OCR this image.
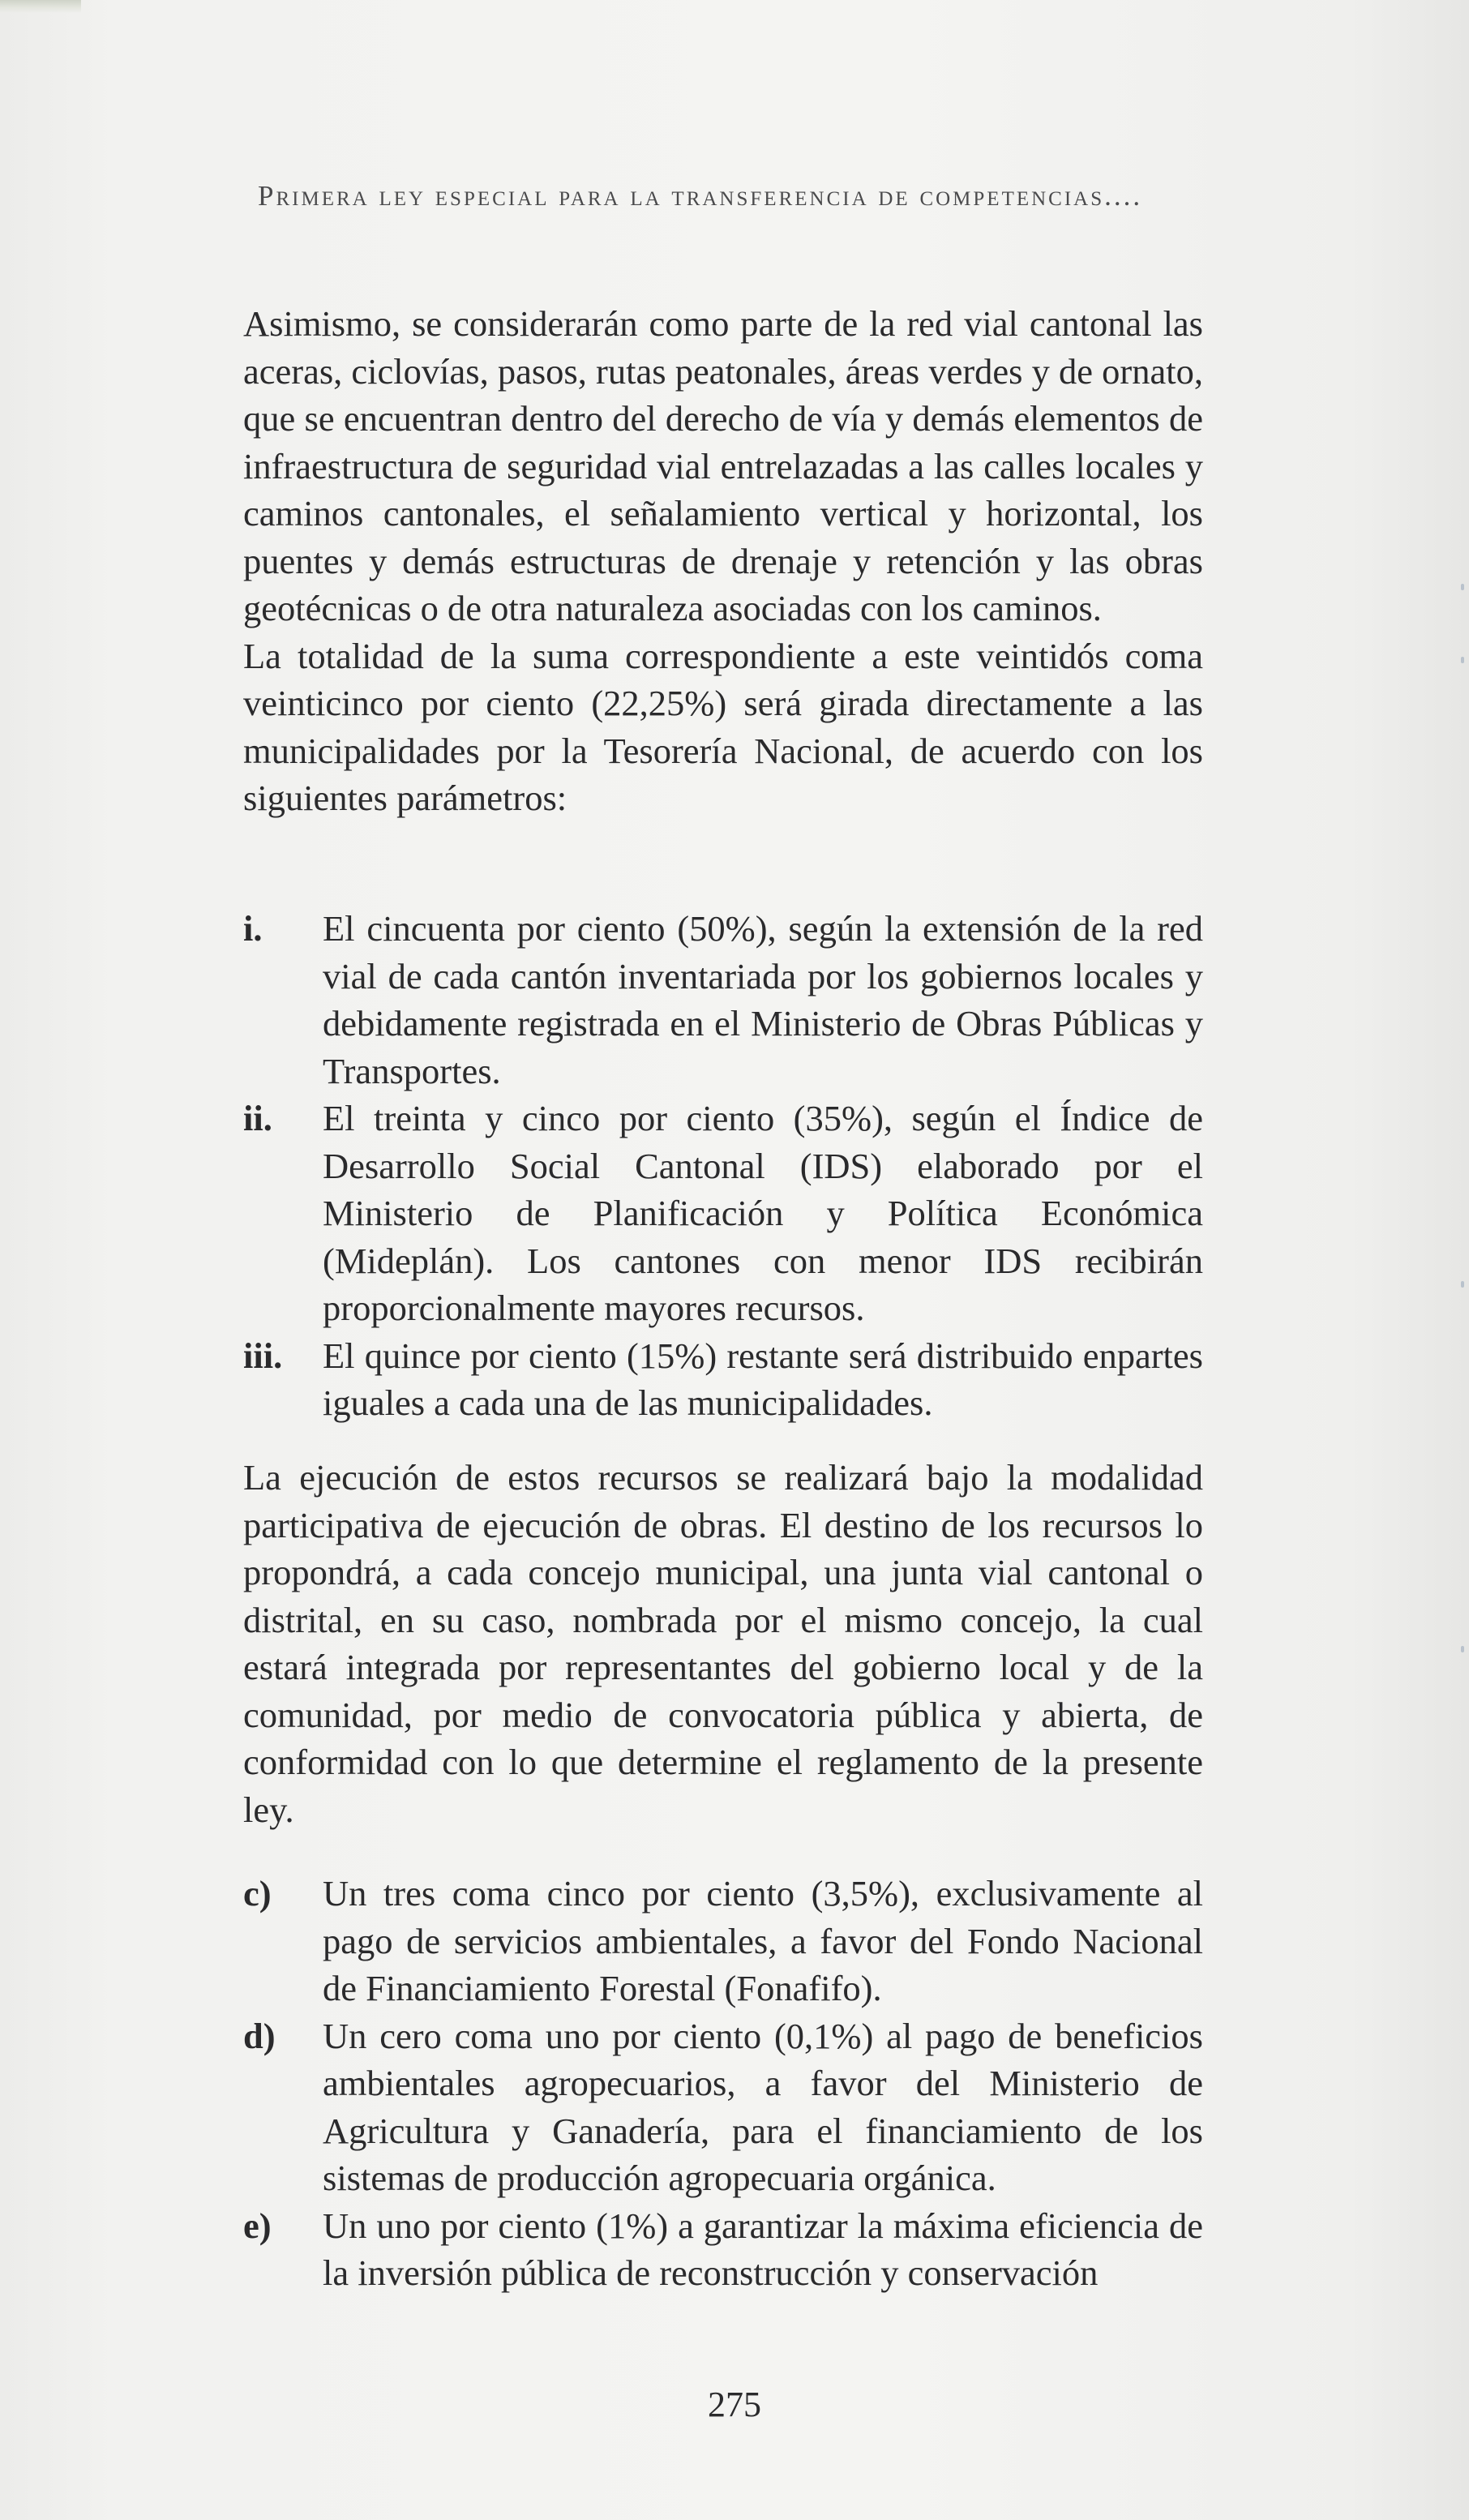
Primera ley especial para la transferencia de competencias....

Asimismo, se considerarán como parte de la red vial cantonal las aceras, ciclovías, pasos, rutas peatonales, áreas verdes y de ornato, que se encuentran dentro del derecho de vía y demás elementos de infraestructura de seguridad vial entrelazadas a las calles locales y caminos cantonales, el señalamiento vertical y horizontal, los puentes y demás estructuras de drenaje y retención y las obras geotécnicas o de otra naturaleza asociadas con los caminos.

La totalidad de la suma correspondiente a este veintidós coma veinticinco por ciento (22,25%) será girada directamente a las municipalidades por la Tesorería Nacional, de acuerdo con los siguientes parámetros:

i.	El cincuenta por ciento (50%), según la extensión de la red vial de cada cantón inventariada por los gobiernos locales y debidamente registrada en el Ministerio de Obras Públicas y Transportes.
ii.	El treinta y cinco por ciento (35%), según el Índice de Desarrollo Social Cantonal (IDS) elaborado por el Ministerio de Planificación y Política Económica (Mideplán). Los cantones con menor IDS recibirán proporcionalmente mayores recursos.
iii.	El quince por ciento (15%) restante será distribuido enpartes iguales a cada una de las municipalidades.

La ejecución de estos recursos se realizará bajo la modalidad participativa de ejecución de obras. El destino de los recursos lo propondrá, a cada concejo municipal, una junta vial cantonal o distrital, en su caso, nombrada por el mismo concejo, la cual estará integrada por representantes del gobierno local y de la comunidad, por medio de convocatoria pública y abierta, de conformidad con lo que determine el reglamento de la presente ley.

c)	Un tres coma cinco por ciento (3,5%), exclusivamente al pago de servicios ambientales, a favor del Fondo Nacional de Financiamiento Forestal (Fonafifo).
d)	Un cero coma uno por ciento (0,1%) al pago de beneficios ambientales agropecuarios, a favor del Ministerio de Agricultura y Ganadería, para el financiamiento de los sistemas de producción agropecuaria orgánica.
e)	Un uno por ciento (1%) a garantizar la máxima eficiencia de la inversión pública de reconstrucción y conservación
275
